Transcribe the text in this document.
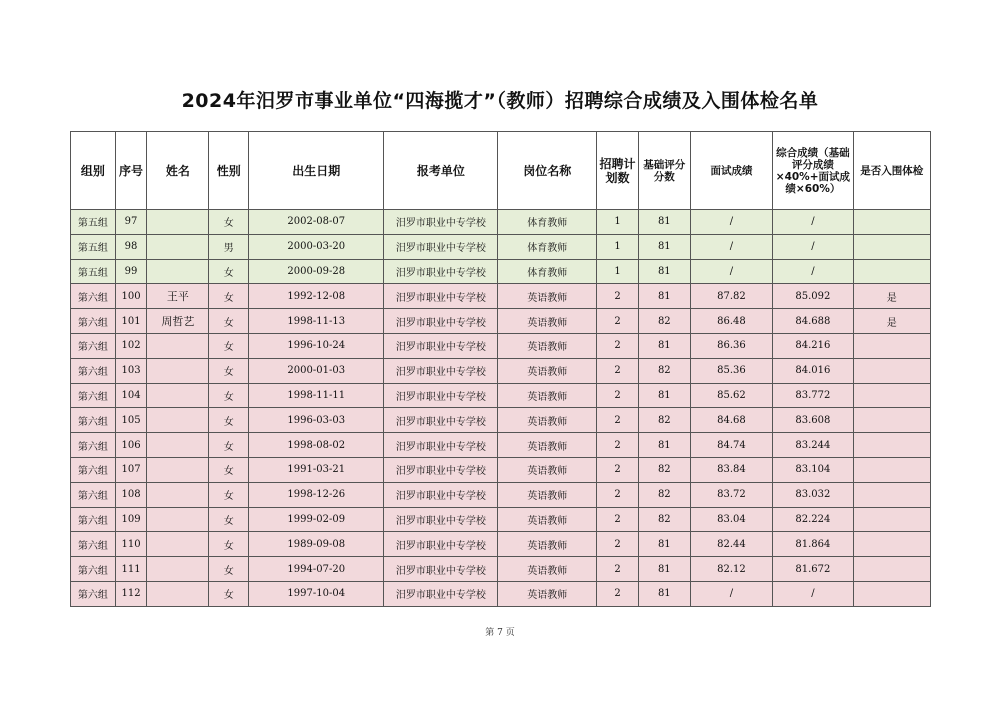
2024年汨罗市事业单位“四海揽才”（教师）招聘综合成绩及入围体检名单
组别	序号	姓名	性别	出生日期	报考单位	岗位名称	招聘计划数	基础评分分数	面试成绩	综合成绩（基础评分成绩×40%+面试成绩×60%）	是否入围体检
第五组	97		女	2002-08-07	汨罗市职业中专学校	体育教师	1	81	/	/	
第五组	98		男	2000-03-20	汨罗市职业中专学校	体育教师	1	81	/	/	
第五组	99		女	2000-09-28	汨罗市职业中专学校	体育教师	1	81	/	/	
第六组	100	王平	女	1992-12-08	汨罗市职业中专学校	英语教师	2	81	87.82	85.092	是
第六组	101	周哲艺	女	1998-11-13	汨罗市职业中专学校	英语教师	2	82	86.48	84.688	是
第六组	102		女	1996-10-24	汨罗市职业中专学校	英语教师	2	81	86.36	84.216	
第六组	103		女	2000-01-03	汨罗市职业中专学校	英语教师	2	82	85.36	84.016	
第六组	104		女	1998-11-11	汨罗市职业中专学校	英语教师	2	81	85.62	83.772	
第六组	105		女	1996-03-03	汨罗市职业中专学校	英语教师	2	82	84.68	83.608	
第六组	106		女	1998-08-02	汨罗市职业中专学校	英语教师	2	81	84.74	83.244	
第六组	107		女	1991-03-21	汨罗市职业中专学校	英语教师	2	82	83.84	83.104	
第六组	108		女	1998-12-26	汨罗市职业中专学校	英语教师	2	82	83.72	83.032	
第六组	109		女	1999-02-09	汨罗市职业中专学校	英语教师	2	82	83.04	82.224	
第六组	110		女	1989-09-08	汨罗市职业中专学校	英语教师	2	81	82.44	81.864	
第六组	111		女	1994-07-20	汨罗市职业中专学校	英语教师	2	81	82.12	81.672	
第六组	112		女	1997-10-04	汨罗市职业中专学校	英语教师	2	81	/	/	
第 7 页
